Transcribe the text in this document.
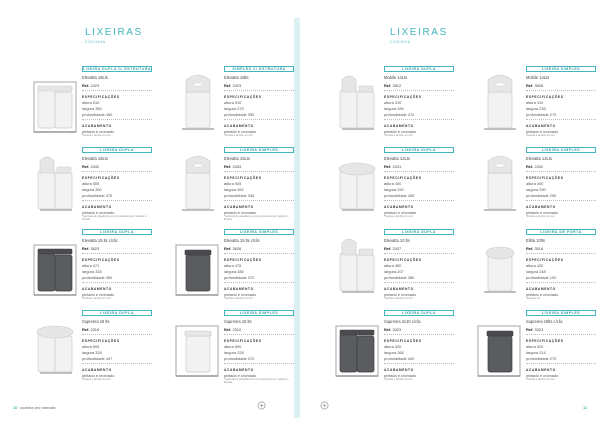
LIXEIRAS
COZINHA
LIXEIRA DUPLA C/ ESTRUTURA
Elevatta 18Lts
Ref. 2423
ESPECIFICAÇÕES
altura 510
largura 350
profundidade 460
ACABAMENTO
pintado e cromado
*lixeiras e tambor em cor
SIMPLES C/ ESTRUTURA
Elevatta 15lts
Ref. 2423
ESPECIFICAÇÕES
altura 510
largura 275
profundidade 359
ACABAMENTO
pintado e cromado
*lixeiras e tambor em cor
LIXEIRA DUPLA
Elevatta 18Lts
Ref. 2432
ESPECIFICAÇÕES
altura 505
largura 350
profundidade 475
ACABAMENTO
pintado e cromado
*opcional de puxadores em cor estrutura inox / tambor e lixeiras
LIXEIRA SIMPLES
Elevatta 15Lts
Ref. 2433
ESPECIFICAÇÕES
altura 505
largura 262
profundidade 346
ACABAMENTO
pintado e cromado
*opcional de puxadores em cor estrutura inox / tambor e lixeiras
LIXEIRA DUPLA
Elevatta 15 lts c/clic
Ref. 3623
ESPECIFICAÇÕES
altura 471
largura 333
profundidade 450
ACABAMENTO
pintado e cromado
*lixeiras e tambor em cor
LIXEIRA SIMPLES
Elevatta 15 lts c/clic
Ref. 3626
ESPECIFICAÇÕES
altura 475
largura 285
profundidade 370
ACABAMENTO
pintado e cromado
*lixeiras e tambor em cor
LIXEIRA DUPLA
Suprema 18 lts
Ref. 2316
ESPECIFICAÇÕES
altura 509
largura 328
profundidade 447
ACABAMENTO
pintado e cromado
*lixeiras e tambor em cor
LIXEIRA SIMPLES
Suprema 15 lts
Ref. 2310
ESPECIFICAÇÕES
altura 590
largura 228
profundidade 370
ACABAMENTO
pintado e cromado
*opcional de puxadores em cor estrutura inox / tambor e lixeiras
10 cozinha pro rotmatic
LIXEIRAS
COZINHA
LIXEIRA DUPLA
Mobile 14Lts
Ref. 3512
ESPECIFICAÇÕES
altura 310
largura 284
profundidade 470
ACABAMENTO
pintado e cromado
*lixeiras e tambor em cor
LIXEIRA SIMPLES
Mobile 14Lts
Ref. 3508
ESPECIFICAÇÕES
altura 310
largura 235
profundidade 270
ACABAMENTO
pintado e cromado
*lixeiras e tambor em cor
LIXEIRA DUPLA
Elevatta 12Lts
Ref. 2431
ESPECIFICAÇÕES
altura 400
largura 290
profundidade 465
ACABAMENTO
pintado e cromado
*lixeiras e tambor em cor
LIXEIRA SIMPLES
Elevatta 12Lts
Ref. 2432
ESPECIFICAÇÕES
altura 400
largura 290
profundidade 290
ACABAMENTO
pintado e cromado
*lixeiras e tambor em cor
LIXEIRA DUPLA
Elevatta 10 lts
Ref. 2437
ESPECIFICAÇÕES
altura 450
largura 207
profundidade 380
ACABAMENTO
pintado e cromado
*lixeiras e tambor em cor
LIXEIRA DE PORTA
Elitta 10lts
Ref. 3516
ESPECIFICAÇÕES
altura 420
largura 248
profundidade 192
ACABAMENTO
pintado e cromado
*lixeira a cor
LIXEIRA DUPLA
Suprema 2x10 c/clic
Ref. 3323
ESPECIFICAÇÕES
altura 320
largura 266
profundidade 400
ACABAMENTO
pintado e cromado
*lixeiras e tambor em cor
LIXEIRA SIMPLES
Suprema 18lts c/clic
Ref. 3323
ESPECIFICAÇÕES
altura 320
largura 214
profundidade 270
ACABAMENTO
pintado e cromado
*lixeiras e tambor em cor
11
